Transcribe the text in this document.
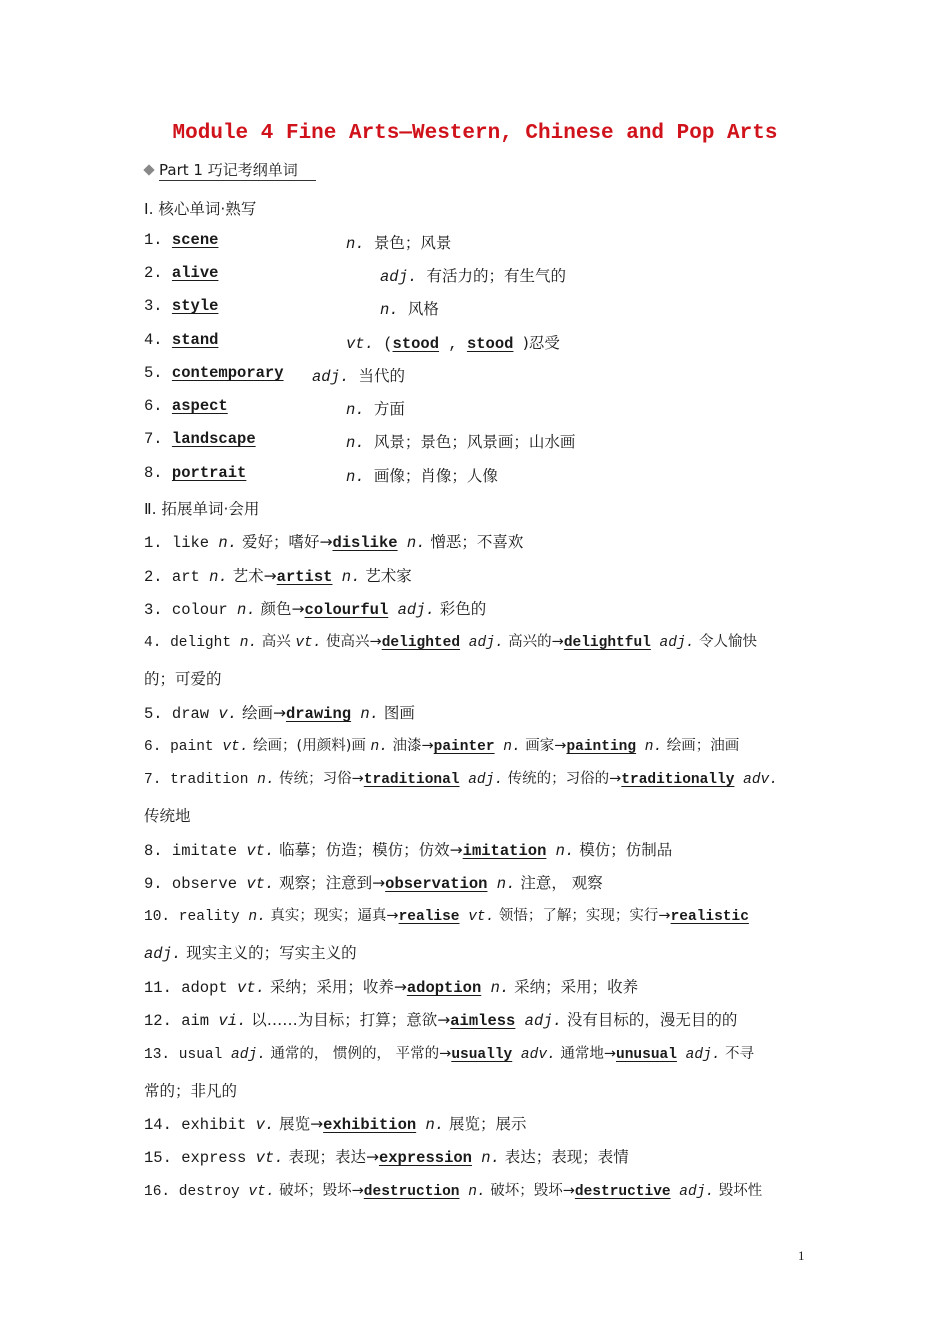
Module 4 Fine Arts—Western, Chinese and Pop Arts
Part 1 巧记考纲单词
Ⅰ. 核心单词·熟写
1. scene	n. 景色；风景
2. alive	adj. 有活力的；有生气的
3. style	n. 风格
4. stand	vt. (stood , stood )忍受
5. contemporary adj. 当代的
6. aspect	n. 方面
7. landscape	n. 风景；景色；风景画；山水画
8. portrait	n. 画像；肖像；人像
Ⅱ. 拓展单词·会用
1. like n. 爱好；嗜好→dislike n. 憎恶；不喜欢
2. art n. 艺术→artist n. 艺术家
3. colour n. 颜色→colourful adj. 彩色的
4. delight n. 高兴 vt. 使高兴→delighted adj. 高兴的→delightful adj. 令人愉快
的；可爱的
5. draw v. 绘画→drawing n. 图画
6. paint vt. 绘画；(用颜料)画 n. 油漆→painter n. 画家→painting n. 绘画；油画
7. tradition n. 传统；习俗→traditional adj. 传统的；习俗的→traditionally adv.
传统地
8. imitate vt. 临摹；仿造；模仿；仿效→imitation n. 模仿；仿制品
9. observe vt. 观察；注意到→observation n. 注意， 观察
10. reality n. 真实；现实；逼真→realise vt. 领悟；了解；实现；实行→realistic
adj. 现实主义的；写实主义的
11. adopt vt. 采纳；采用；收养→adoption n. 采纳；采用；收养
12. aim vi. 以……为目标；打算；意欲→aimless adj. 没有目标的，漫无目的的
13. usual adj. 通常的， 惯例的， 平常的→usually adv. 通常地→unusual adj. 不寻
常的；非凡的
14. exhibit v. 展览→exhibition n. 展览；展示
15. express vt. 表现；表达→expression n. 表达；表现；表情
16. destroy vt. 破坏；毁坏→destruction n. 破坏；毁坏→destructive adj. 毁坏性
1
